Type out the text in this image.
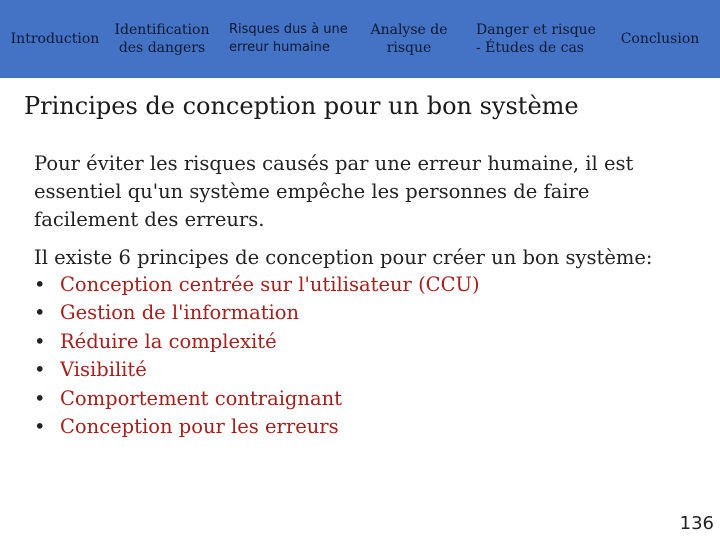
Introduction
Identification
des dangers
Risques dus à une
erreur humaine
Analyse de
risque
Danger et risque
- Études de cas
Conclusion
Principes de conception pour un bon système

Pour éviter les risques causés par une erreur humaine, il est essentiel qu'un système empêche les personnes de faire facilement des erreurs.

Il existe 6 principes de conception pour créer un bon système:

• Conception centrée sur l'utilisateur (CCU)
• Gestion de l'information
• Réduire la complexité
• Visibilité
• Comportement contraignant
• Conception pour les erreurs
136
